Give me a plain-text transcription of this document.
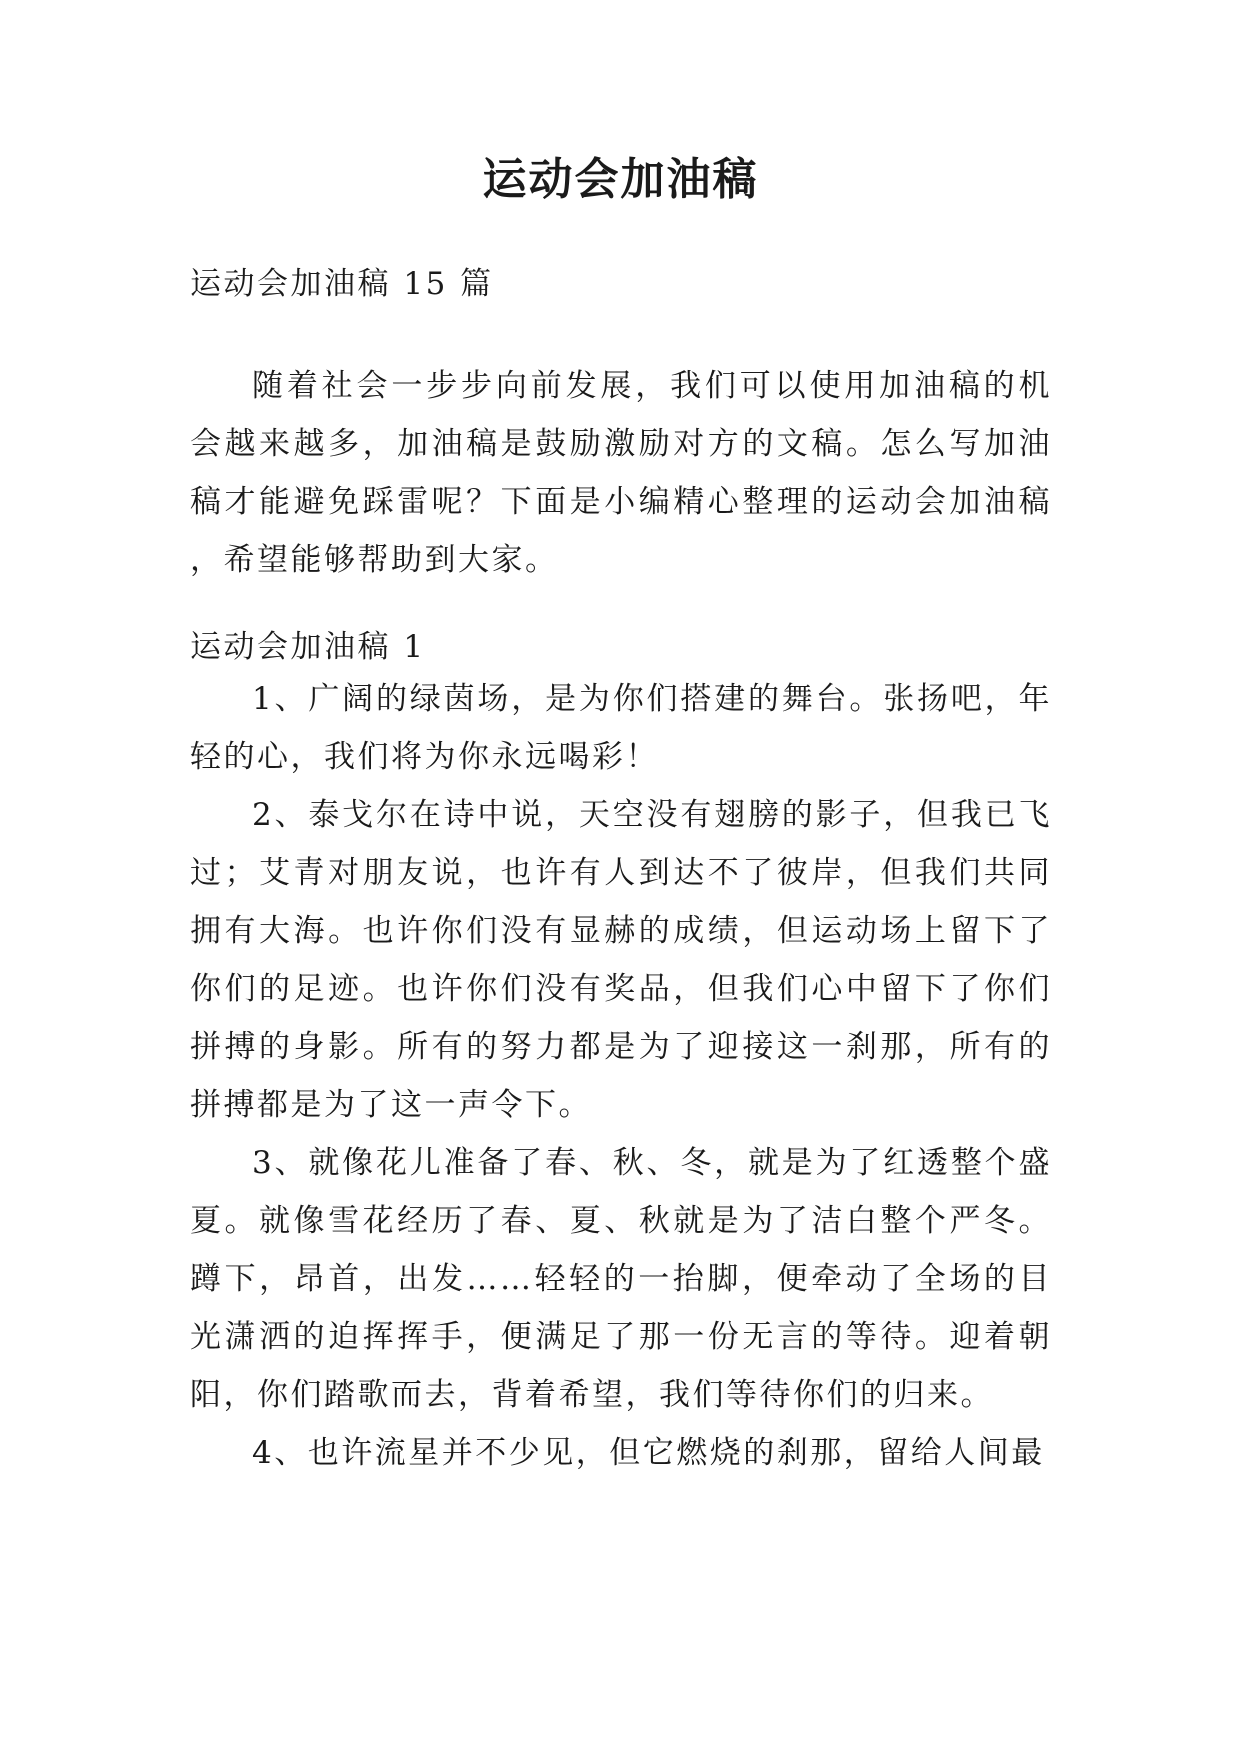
运动会加油稿
运动会加油稿 15 篇
随着社会一步步向前发展，我们可以使用加油稿的机会越来越多，加油稿是鼓励激励对方的文稿。怎么写加油稿才能避免踩雷呢？下面是小编精心整理的运动会加油稿 ，希望能够帮助到大家。
运动会加油稿 1

1、广阔的绿茵场，是为你们搭建的舞台。张扬吧，年轻的心，我们将为你永远喝彩！

2、泰戈尔在诗中说，天空没有翅膀的影子，但我已飞过；艾青对朋友说，也许有人到达不了彼岸，但我们共同拥有大海。也许你们没有显赫的成绩，但运动场上留下了你们的足迹。也许你们没有奖品，但我们心中留下了你们拼搏的身影。所有的努力都是为了迎接这一刹那，所有的拼搏都是为了这一声令下。

3、就像花儿准备了春、秋、冬，就是为了红透整个盛夏。就像雪花经历了春、夏、秋就是为了洁白整个严冬。蹲下，昂首，出发……轻轻的一抬脚，便牵动了全场的目光潇洒的迫挥挥手，便满足了那一份无言的等待。迎着朝阳，你们踏歌而去，背着希望，我们等待你们的归来。

4、也许流星并不少见，但它燃烧的刹那，留给人间最
